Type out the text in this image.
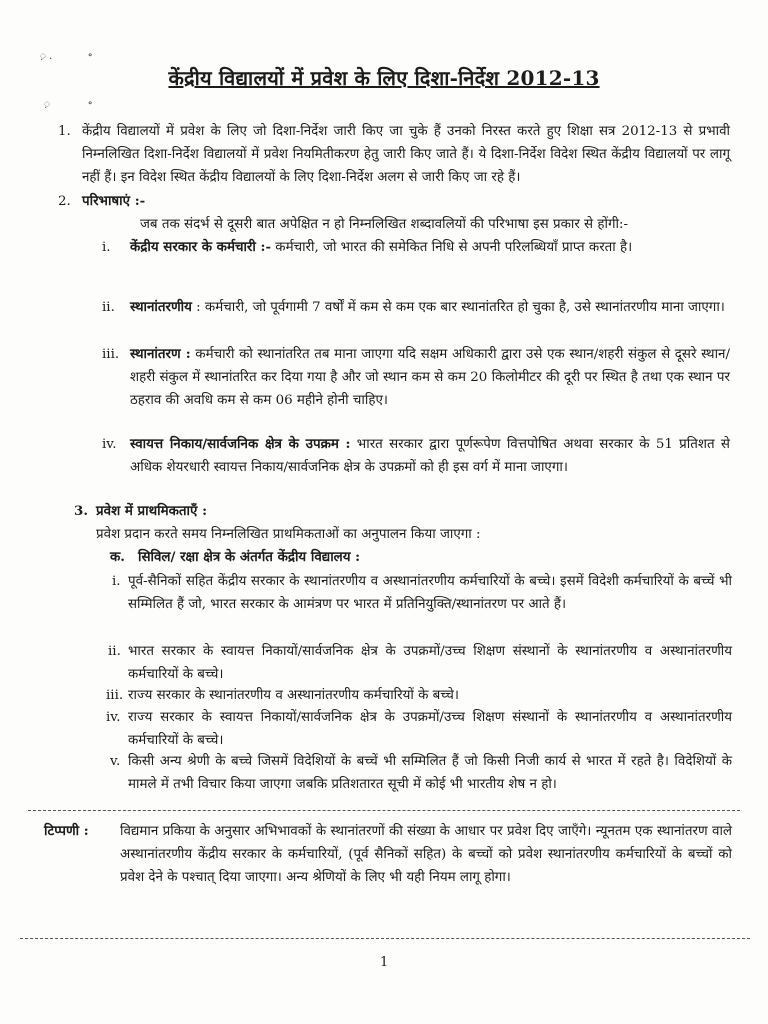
़ .	॰
़	॰
केंद्रीय विद्यालयों में प्रवेश के लिए दिशा-निर्देश 2012-13
1. केंद्रीय विद्यालयों में प्रवेश के लिए जो दिशा-निर्देश जारी किए जा चुके हैं उनको निरस्त करते हुए शिक्षा सत्र 2012-13 से प्रभावी निम्नलिखित दिशा-निर्देश विद्यालयों में प्रवेश नियमितीकरण हेतु जारी किए जाते हैं। ये दिशा-निर्देश विदेश स्थित केंद्रीय विद्यालयों पर लागू नहीं हैं। इन विदेश स्थित केंद्रीय विद्यालयों के लिए दिशा-निर्देश अलग से जारी किए जा रहे हैं।
2. परिभाषाएं :-
जब तक संदर्भ से दूसरी बात अपेक्षित न हो निम्नलिखित शब्दावलियों की परिभाषा इस प्रकार से होंगी:-
i. केंद्रीय सरकार के कर्मचारी :- कर्मचारी, जो भारत की समेकित निधि से अपनी परिलब्धियाँ प्राप्त करता है।
ii. स्थानांतरणीय : कर्मचारी, जो पूर्वगामी 7 वर्षों में कम से कम एक बार स्थानांतरित हो चुका है, उसे स्थानांतरणीय माना जाएगा।
iii. स्थानांतरण : कर्मचारी को स्थानांतरित तब माना जाएगा यदि सक्षम अधिकारी द्वारा उसे एक स्थान/शहरी संकुल से दूसरे स्थान/शहरी संकुल में स्थानांतरित कर दिया गया है और जो स्थान कम से कम 20 किलोमीटर की दूरी पर स्थित है तथा एक स्थान पर ठहराव की अवधि कम से कम 06 महीने होनी चाहिए।
iv. स्वायत्त निकाय/सार्वजनिक क्षेत्र के उपक्रम : भारत सरकार द्वारा पूर्णरूपेण वित्तपोषित अथवा सरकार के 51 प्रतिशत से अधिक शेयरधारी स्वायत्त निकाय/सार्वजनिक क्षेत्र के उपक्रमों को ही इस वर्ग में माना जाएगा।
3. प्रवेश में प्राथमिकताएँ :
प्रवेश प्रदान करते समय निम्नलिखित प्राथमिकताओं का अनुपालन किया जाएगा :
क. सिविल/ रक्षा क्षेत्र के अंतर्गत केंद्रीय विद्यालय :
i. पूर्व-सैनिकों सहित केंद्रीय सरकार के स्थानांतरणीय व अस्थानांतरणीय कर्मचारियों के बच्चे। इसमें विदेशी कर्मचारियों के बच्चें भी सम्मिलित हैं जो, भारत सरकार के आमंत्रण पर भारत में प्रतिनियुक्ति/स्थानांतरण पर आते हैं।
ii. भारत सरकार के स्वायत्त निकायों/सार्वजनिक क्षेत्र के उपक्रमों/उच्च शिक्षण संस्थानों के स्थानांतरणीय व अस्थानांतरणीय कर्मचारियों के बच्चे।
iii. राज्य सरकार के स्थानांतरणीय व अस्थानांतरणीय कर्मचारियों के बच्चे।
iv. राज्य सरकार के स्वायत्त निकायों/सार्वजनिक क्षेत्र के उपक्रमों/उच्च शिक्षण संस्थानों के स्थानांतरणीय व अस्थानांतरणीय कर्मचारियों के बच्चे।
v. किसी अन्य श्रेणी के बच्चे जिसमें विदेशियों के बच्चें भी सम्मिलित हैं जो किसी निजी कार्य से भारत में रहते है। विदेशियों के मामले में तभी विचार किया जाएगा जबकि प्रतिशतारत सूची में कोई भी भारतीय शेष न हो।
टिप्पणी : विद्यमान प्रकिया के अनुसार अभिभावकों के स्थानांतरणों की संख्या के आधार पर प्रवेश दिए जाएँगे। न्यूनतम एक स्थानांतरण वाले अस्थानांतरणीय केंद्रीय सरकार के कर्मचारियों, (पूर्व सैनिकों सहित) के बच्चों को प्रवेश स्थानांतरणीय कर्मचारियों के बच्चों को प्रवेश देने के पश्चात् दिया जाएगा। अन्य श्रेणियों के लिए भी यही नियम लागू होगा।
1
